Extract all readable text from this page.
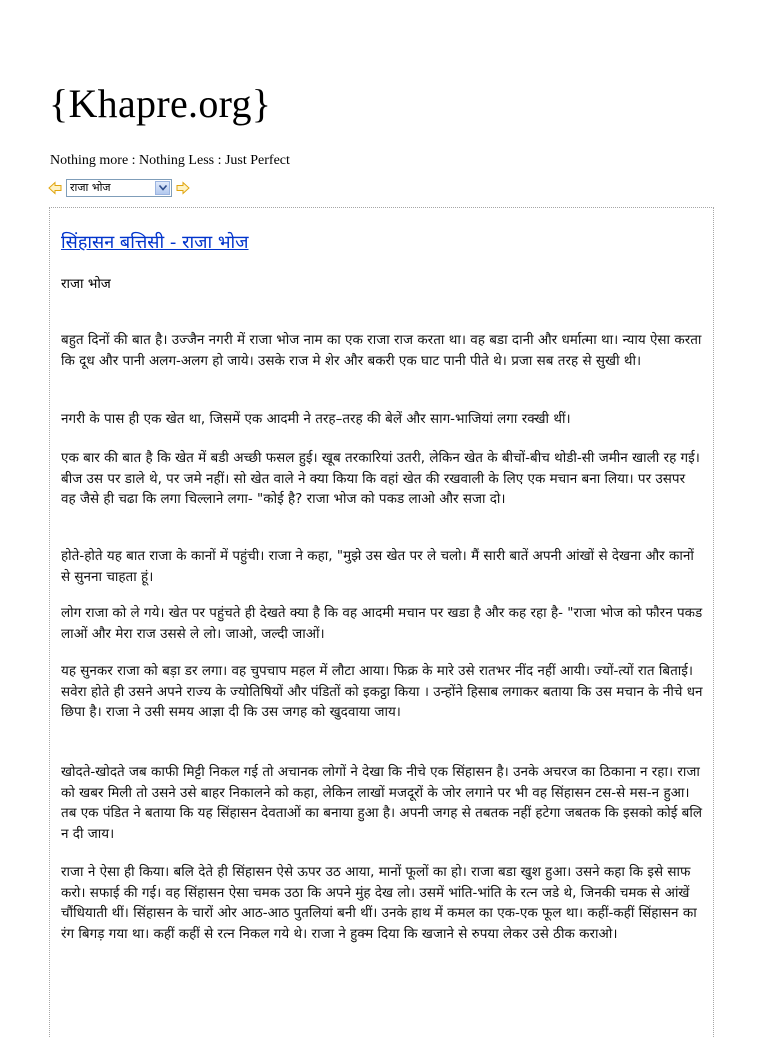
{Khapre.org}
Nothing more : Nothing Less : Just Perfect
राजा भोज
सिंहासन बत्तिसी - राजा भोज
राजा भोज

बहुत दिनों की बात है। उज्जैन नगरी में राजा भोज नाम का एक राजा राज करता था। वह बडा दानी और धर्मात्मा था। न्याय ऐसा करता कि दूध और पानी अलग-अलग हो जाये। उसके राज मे शेर और बकरी एक घाट पानी पीते थे। प्रजा सब तरह से सुखी थी।

नगरी के पास ही एक खेत था, जिसमें एक आदमी ने तरह–तरह की बेलें और साग-भाजियां लगा रक्खी थीं।

एक बार की बात है कि खेत में बडी अच्छी फसल हुई। खूब तरकारियां उतरी, लेकिन खेत के बीचों-बीच थोडी-सी जमीन खाली रह गई। बीज उस पर डाले थे, पर जमे नहीं। सो खेत वाले ने क्या किया कि वहां खेत की रखवाली के लिए एक मचान बना लिया। पर उसपर वह जैसे ही चढा कि लगा चिल्लाने लगा- "कोई है? राजा भोज को पकड लाओ और सजा दो।

होते-होते यह बात राजा के कानों में पहुंची। राजा ने कहा, "मुझे उस खेत पर ले चलो। मैं सारी बातें अपनी आंखों से देखना और कानों से सुनना चाहता हूं।

लोग राजा को ले गये। खेत पर पहुंचते ही देखते क्या है कि वह आदमी मचान पर खडा है और कह रहा है- "राजा भोज को फौरन पकड लाओं और मेरा राज उससे ले लो। जाओ, जल्दी जाओं।

यह सुनकर राजा को बड़ा डर लगा। वह चुपचाप महल में लौटा आया। फिक्र के मारे उसे रातभर नींद नहीं आयी। ज्यों-त्यों रात बिताई। सवेरा होते ही उसने अपने राज्य के ज्योतिषियों और पंडितों को इकट्ठा किया । उन्होंने हिसाब लगाकर बताया कि उस मचान के नीचे धन छिपा है। राजा ने उसी समय आज्ञा दी कि उस जगह को खुदवाया जाय।

खोदते-खोदते जब काफी मिट्टी निकल गई तो अचानक लोगों ने देखा कि नीचे एक सिंहासन है। उनके अचरज का ठिकाना न रहा। राजा को खबर मिली तो उसने उसे बाहर निकालने को कहा, लेकिन लाखों मजदूरों के जोर लगाने पर भी वह सिंहासन टस-से मस-न हुआ। तब एक पंडित ने बताया कि यह सिंहासन देवताओं का बनाया हुआ है। अपनी जगह से तबतक नहीं हटेगा जबतक कि इसको कोई बलि न दी जाय।

राजा ने ऐसा ही किया। बलि देते ही सिंहासन ऐसे ऊपर उठ आया, मानों फूलों का हो। राजा बडा खुश हुआ। उसने कहा कि इसे साफ करो। सफाई की गई। वह सिंहासन ऐसा चमक उठा कि अपने मुंह देख लो। उसमें भांति-भांति के रत्न जडे थे, जिनकी चमक से आंखें चौंधियाती थीं। सिंहासन के चारों ओर आठ-आठ पुतलियां बनी थीं। उनके हाथ में कमल का एक-एक फूल था। कहीं-कहीं सिंहासन का रंग बिगड़ गया था। कहीं कहीं से रत्न निकल गये थे। राजा ने हुक्म दिया कि खजाने से रुपया लेकर उसे ठीक कराओ।
